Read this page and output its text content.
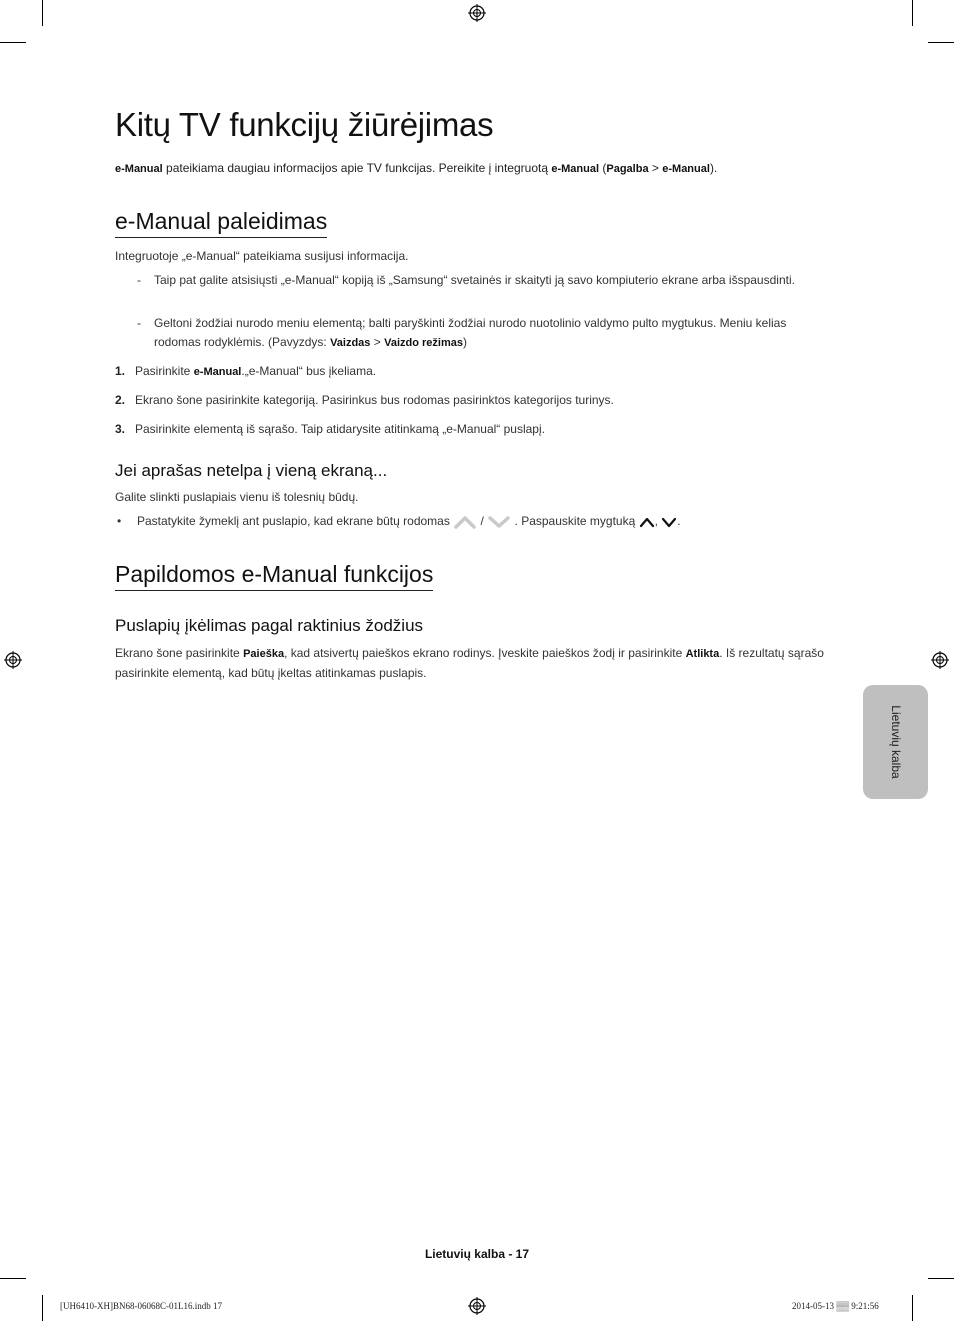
Kitų TV funkcijų žiūrėjimas
e-Manual pateikiama daugiau informacijos apie TV funkcijas. Pereikite į integruotą e-Manual (Pagalba > e-Manual).
e-Manual paleidimas
Integruotoje „e-Manual“ pateikiama susijusi informacija.
-	Taip pat galite atsisiųsti „e-Manual“ kopiją iš „Samsung“ svetainės ir skaityti ją savo kompiuterio ekrane arba išspausdinti.
-	Geltoni žodžiai nurodo meniu elementą; balti paryškinti žodžiai nurodo nuotolinio valdymo pulto mygtukus. Meniu kelias rodomas rodyklėmis. (Pavyzdys: Vaizdas > Vaizdo režimas)
1. Pasirinkite e-Manual.„e-Manual“ bus įkeliama.
2. Ekrano šone pasirinkite kategoriją. Pasirinkus bus rodomas pasirinktos kategorijos turinys.
3. Pasirinkite elementą iš sąrašo. Taip atidarysite atitinkamą „e-Manual“ puslapį.
Jei aprašas netelpa į vieną ekraną...
Galite slinkti puslapiais vienu iš tolesnių būdų.
• Pastatykite žymeklį ant puslapio, kad ekrane būtų rodomas  /  . Paspauskite mygtuką , .
Papildomos e-Manual funkcijos
Puslapių įkėlimas pagal raktinius žodžius
Ekrano šone pasirinkite Paieška, kad atsivertų paieškos ekrano rodinys. Įveskite paieškos žodį ir pasirinkite Atlikta. Iš rezultatų sąrašo pasirinkite elementą, kad būtų įkeltas atitinkamas puslapis.
Lietuvių kalba
Lietuvių kalba - 17
[UH6410-XH]BN68-06068C-01L16.indb 17	2014-05-13 ▒▒ 9:21:56
